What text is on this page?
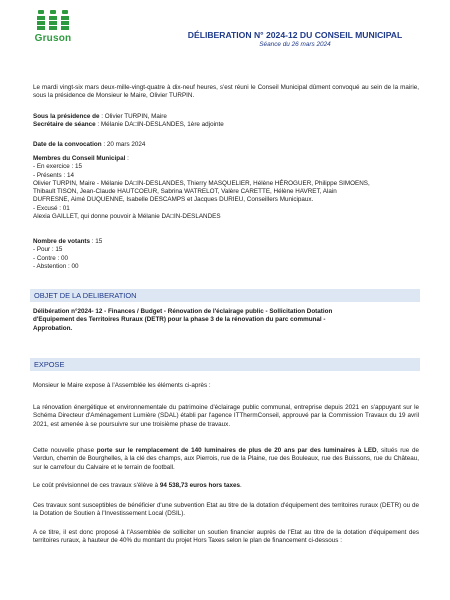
Gruson	DÉLIBERATION N° 2024-12 DU CONSEIL MUNICIPAL
Séance du 26 mars 2024
Le mardi vingt-six mars deux-mille-vingt-quatre à dix-neuf heures, s'est réuni le Conseil Municipal dûment convoqué au sein de la mairie, sous la présidence de Monsieur le Maire, Olivier TURPIN.
Sous la présidence de : Olivier TURPIN, Maire
Secrétaire de séance : Mélanie DA□IN-DESLANDES, 1ère adjointe
Date de la convocation : 20 mars 2024
Membres du Conseil Municipal :
- En exercice : 15
- Présents : 14
Olivier TURPIN, Maire - Mélanie DA□IN-DESLANDES, Thierry MASQUELIER, Hélène HÉROGUER, Philippe SIMOENS,
Thibault TISON, Jean-Claude HAUTCOEUR, Sabrina WATRELOT, Valère CARETTE, Hélène HAVRET, Alain
DUFRESNE, Aimé DUQUENNE, Isabelle DESCAMPS et Jacques DURIEU, Conseillers Municipaux.
- Excusé : 01
Alexia GAILLET, qui donne pouvoir à Mélanie DA□IN-DESLANDES
Nombre de votants : 15
- Pour : 15
- Contre : 00
- Abstention : 00
OBJET DE LA DELIBERATION
Délibération n°2024- 12 - Finances / Budget - Rénovation de l'éclairage public - Sollicitation Dotation
d'Equipement des Territoires Ruraux (DETR) pour la phase 3 de la rénovation du parc communal -
Approbation.
EXPOSE
Monsieur le Maire expose à l'Assemblée les éléments ci-après :
La rénovation énergétique et environnementale du patrimoine d'éclairage public communal, entreprise depuis 2021 en s'appuyant sur le Schéma Directeur d'Aménagement Lumière (SDAL) établi par l'agence ITThermConseil, approuvé par la Commission Travaux du 19 avril 2021, est amenée à se poursuivre sur une troisième phase de travaux.
Cette nouvelle phase porte sur le remplacement de 140 luminaires de plus de 20 ans par des luminaires à LED, situés rue de Verdun, chemin de Bourghelles, à la clé des champs, aux Pierrois, rue de la Plaine, rue des Bouleaux, rue des Buissons, rue du Château, sur le carrefour du Calvaire et le terrain de football.
Le coût prévisionnel de ces travaux s'élève à 94 538,73 euros hors taxes.
Ces travaux sont susceptibles de bénéficier d'une subvention Etat au titre de la dotation d'équipement des territoires ruraux (DETR) ou de la Dotation de Soutien à l'Investissement Local (DSIL).
A ce titre, il est donc proposé à l'Assemblée de solliciter un soutien financier auprès de l'Etat au titre de la dotation d'équipement des territoires ruraux, à hauteur de 40% du montant du projet Hors Taxes selon le plan de financement ci-dessous :
